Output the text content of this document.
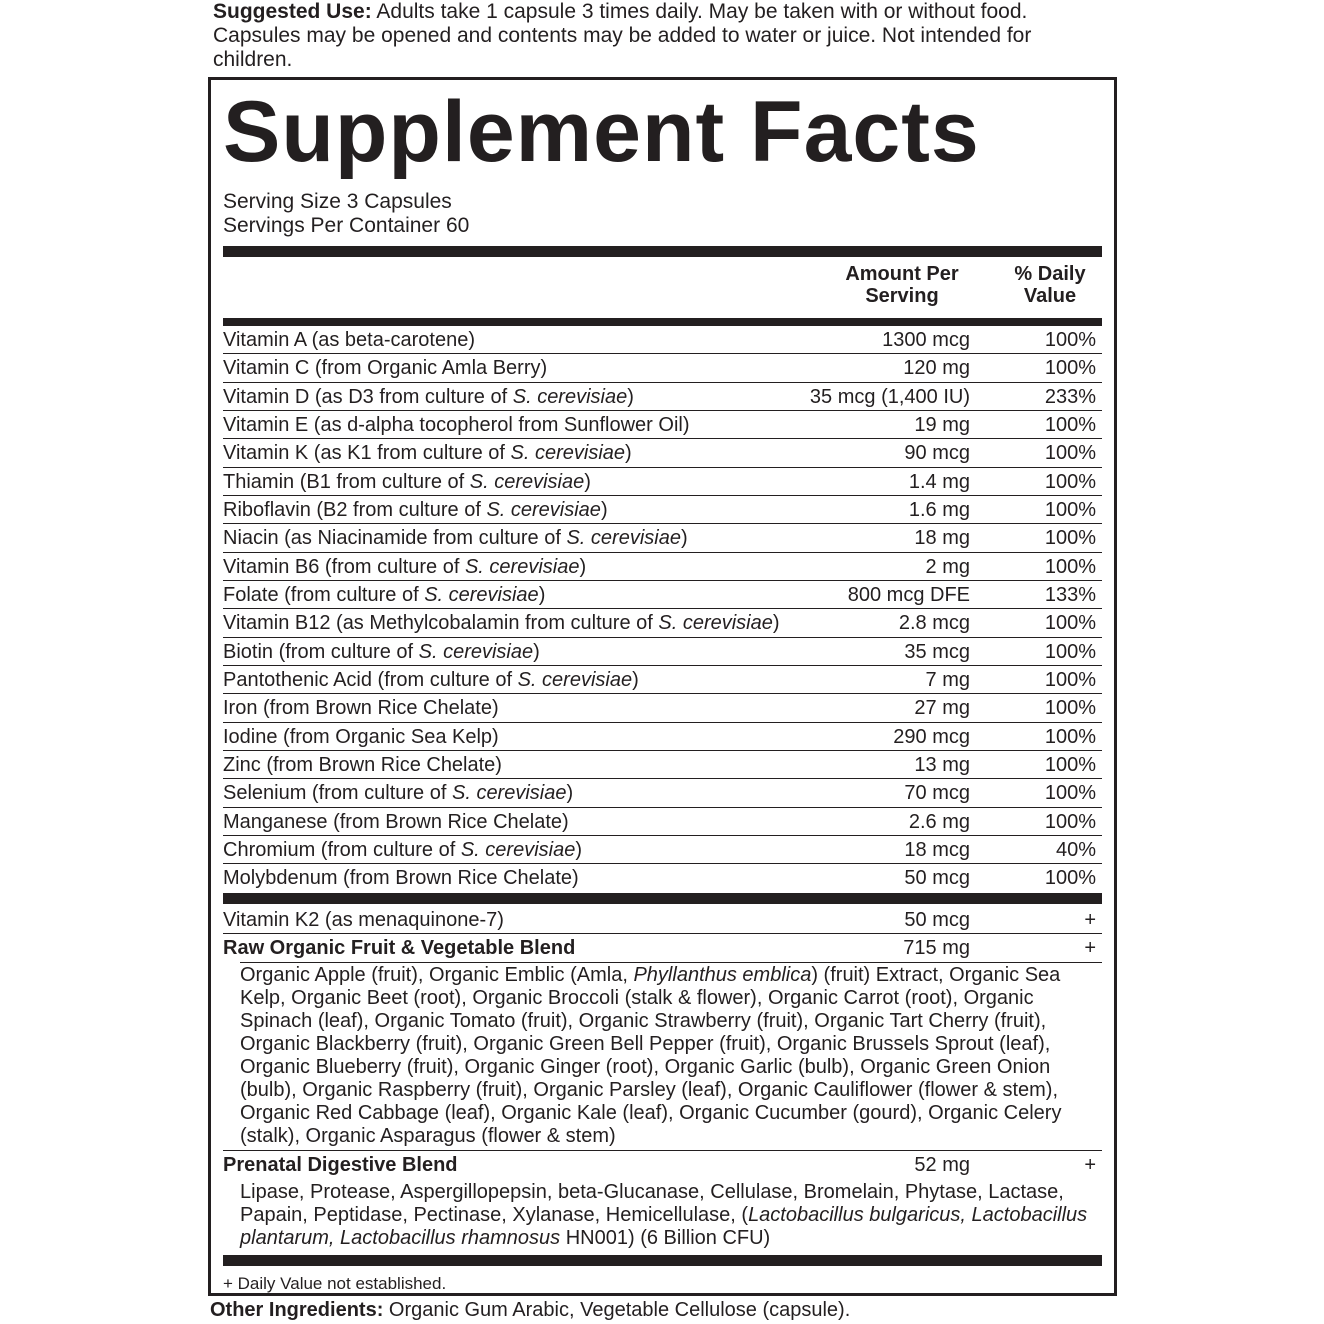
Suggested Use: Adults take 1 capsule 3 times daily. May be taken with or without food. Capsules may be opened and contents may be added to water or juice. Not intended for children.
Supplement Facts
Serving Size 3 Capsules
Servings Per Container 60
Amount Per
Serving
% Daily
Value
Vitamin A (as beta-carotene)	1300 mcg	100%
Vitamin C (from Organic Amla Berry)	120 mg	100%
Vitamin D (as D3 from culture of S. cerevisiae)	35 mcg (1,400 IU)	233%
Vitamin E (as d-alpha tocopherol from Sunflower Oil)	19 mg	100%
Vitamin K (as K1 from culture of S. cerevisiae)	90 mcg	100%
Thiamin (B1 from culture of S. cerevisiae)	1.4 mg	100%
Riboflavin (B2 from culture of S. cerevisiae)	1.6 mg	100%
Niacin (as Niacinamide from culture of S. cerevisiae)	18 mg	100%
Vitamin B6 (from culture of S. cerevisiae)	2 mg	100%
Folate (from culture of S. cerevisiae)	800 mcg DFE	133%
Vitamin B12 (as Methylcobalamin from culture of S. cerevisiae)	2.8 mcg	100%
Biotin (from culture of S. cerevisiae)	35 mcg	100%
Pantothenic Acid (from culture of S. cerevisiae)	7 mg	100%
Iron (from Brown Rice Chelate)	27 mg	100%
Iodine (from Organic Sea Kelp)	290 mcg	100%
Zinc (from Brown Rice Chelate)	13 mg	100%
Selenium (from culture of S. cerevisiae)	70 mcg	100%
Manganese (from Brown Rice Chelate)	2.6 mg	100%
Chromium (from culture of S. cerevisiae)	18 mcg	40%
Molybdenum (from Brown Rice Chelate)	50 mcg	100%
Vitamin K2 (as menaquinone-7)	50 mcg	+
Raw Organic Fruit & Vegetable Blend	715 mg	+
Organic Apple (fruit), Organic Emblic (Amla, Phyllanthus emblica) (fruit) Extract, Organic Sea Kelp, Organic Beet (root), Organic Broccoli (stalk & flower), Organic Carrot (root), Organic Spinach (leaf), Organic Tomato (fruit), Organic Strawberry (fruit), Organic Tart Cherry (fruit), Organic Blackberry (fruit), Organic Green Bell Pepper (fruit), Organic Brussels Sprout (leaf), Organic Blueberry (fruit), Organic Ginger (root), Organic Garlic (bulb), Organic Green Onion (bulb), Organic Raspberry (fruit), Organic Parsley (leaf), Organic Cauliflower (flower & stem), Organic Red Cabbage (leaf), Organic Kale (leaf), Organic Cucumber (gourd), Organic Celery (stalk), Organic Asparagus (flower & stem)
Prenatal Digestive Blend	52 mg	+
Lipase, Protease, Aspergillopepsin, beta-Glucanase, Cellulase, Bromelain, Phytase, Lactase, Papain, Peptidase, Pectinase, Xylanase, Hemicellulase, (Lactobacillus bulgaricus, Lactobacillus plantarum, Lactobacillus rhamnosus HN001) (6 Billion CFU)
+ Daily Value not established.
Other Ingredients: Organic Gum Arabic, Vegetable Cellulose (capsule).
